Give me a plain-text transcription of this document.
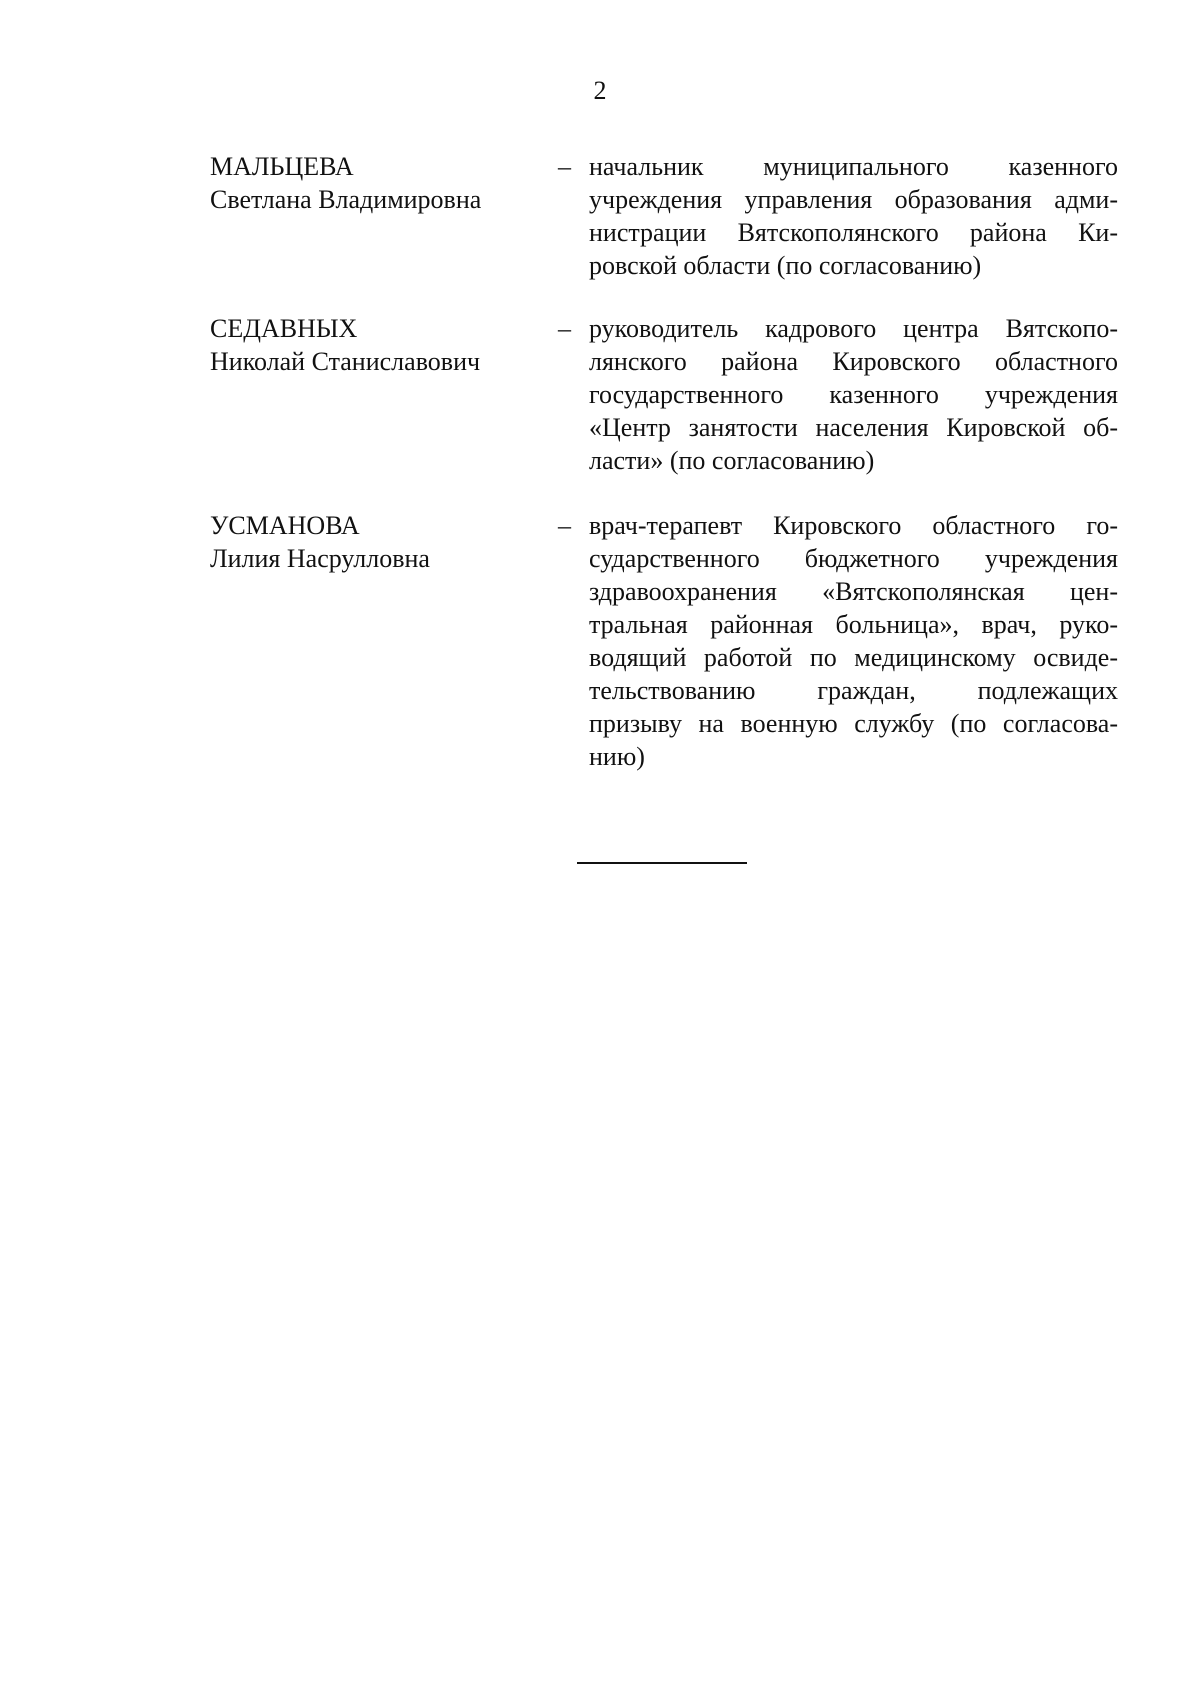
2
МАЛЬЦЕВА
Светлана Владимировна
– начальник муниципального казенного
учреждения управления образования адми-
нистрации Вятскополянского района Ки-
ровской области (по согласованию)
СЕДАВНЫХ
Николай Станиславович
– руководитель кадрового центра Вятскопо-
лянского района Кировского областного
государственного казенного учреждения
«Центр занятости населения Кировской об-
ласти» (по согласованию)
УСМАНОВА
Лилия Насрулловна
– врач-терапевт Кировского областного го-
сударственного бюджетного учреждения
здравоохранения «Вятскополянская цен-
тральная районная больница», врач, руко-
водящий работой по медицинскому освиде-
тельствованию граждан, подлежащих
призыву на военную службу (по согласова-
нию)
